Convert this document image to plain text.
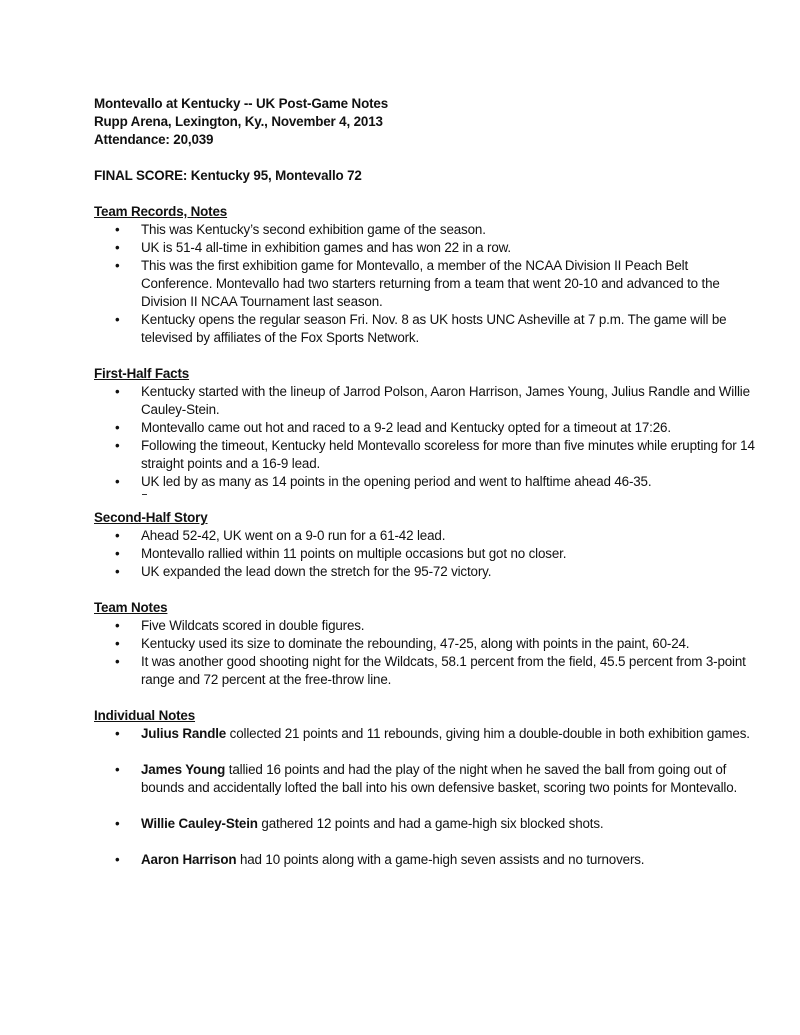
Montevallo at Kentucky -- UK Post-Game Notes
Rupp Arena, Lexington, Ky., November 4, 2013
Attendance: 20,039
FINAL SCORE: Kentucky 95, Montevallo 72
Team Records, Notes
• This was Kentucky’s second exhibition game of the season.
• UK is 51-4 all-time in exhibition games and has won 22 in a row.
• This was the first exhibition game for Montevallo, a member of the NCAA Division II Peach Belt Conference. Montevallo had two starters returning from a team that went 20-10 and advanced to the Division II NCAA Tournament last season.
• Kentucky opens the regular season Fri. Nov. 8 as UK hosts UNC Asheville at 7 p.m. The game will be televised by affiliates of the Fox Sports Network.
First-Half Facts
• Kentucky started with the lineup of Jarrod Polson, Aaron Harrison, James Young, Julius Randle and Willie Cauley-Stein.
• Montevallo came out hot and raced to a 9-2 lead and Kentucky opted for a timeout at 17:26.
• Following the timeout, Kentucky held Montevallo scoreless for more than five minutes while erupting for 14 straight points and a 16-9 lead.
• UK led by as many as 14 points in the opening period and went to halftime ahead 46-35.
Second-Half Story
• Ahead 52-42, UK went on a 9-0 run for a 61-42 lead.
• Montevallo rallied within 11 points on multiple occasions but got no closer.
• UK expanded the lead down the stretch for the 95-72 victory.
Team Notes
• Five Wildcats scored in double figures.
• Kentucky used its size to dominate the rebounding, 47-25, along with points in the paint, 60-24.
• It was another good shooting night for the Wildcats, 58.1 percent from the field, 45.5 percent from 3-point range and 72 percent at the free-throw line.
Individual Notes
• Julius Randle collected 21 points and 11 rebounds, giving him a double-double in both exhibition games.
• James Young tallied 16 points and had the play of the night when he saved the ball from going out of bounds and accidentally lofted the ball into his own defensive basket, scoring two points for Montevallo.
• Willie Cauley-Stein gathered 12 points and had a game-high six blocked shots.
• Aaron Harrison had 10 points along with a game-high seven assists and no turnovers.
